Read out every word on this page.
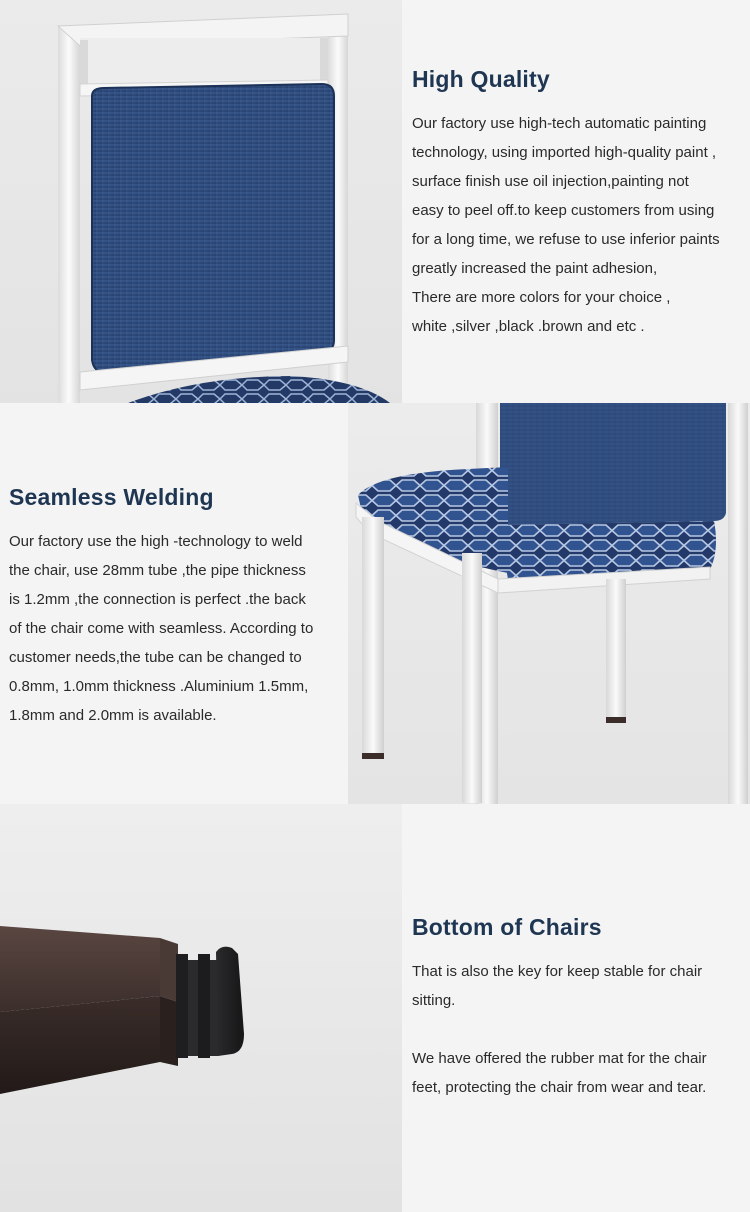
High Quality

Our factory use high-tech automatic painting
technology, using imported high-quality paint ,
surface finish use oil injection,painting not
easy to peel off.to keep customers from using
for a long time, we refuse to use inferior paints
greatly increased the paint adhesion,
There are more colors for your choice ,
white ,silver ,black .brown and etc .

Seamless Welding

Our factory use the high -technology to weld
the chair, use 28mm tube ,the pipe thickness
is 1.2mm ,the connection is perfect .the back
of the chair come with seamless. According to
customer needs,the tube can be changed to
0.8mm, 1.0mm thickness .Aluminium 1.5mm,
1.8mm and 2.0mm is available.

Bottom of Chairs

That is also the key for keep stable for chair
sitting.
We have offered the rubber mat for the chair
feet, protecting the chair from wear and tear.
